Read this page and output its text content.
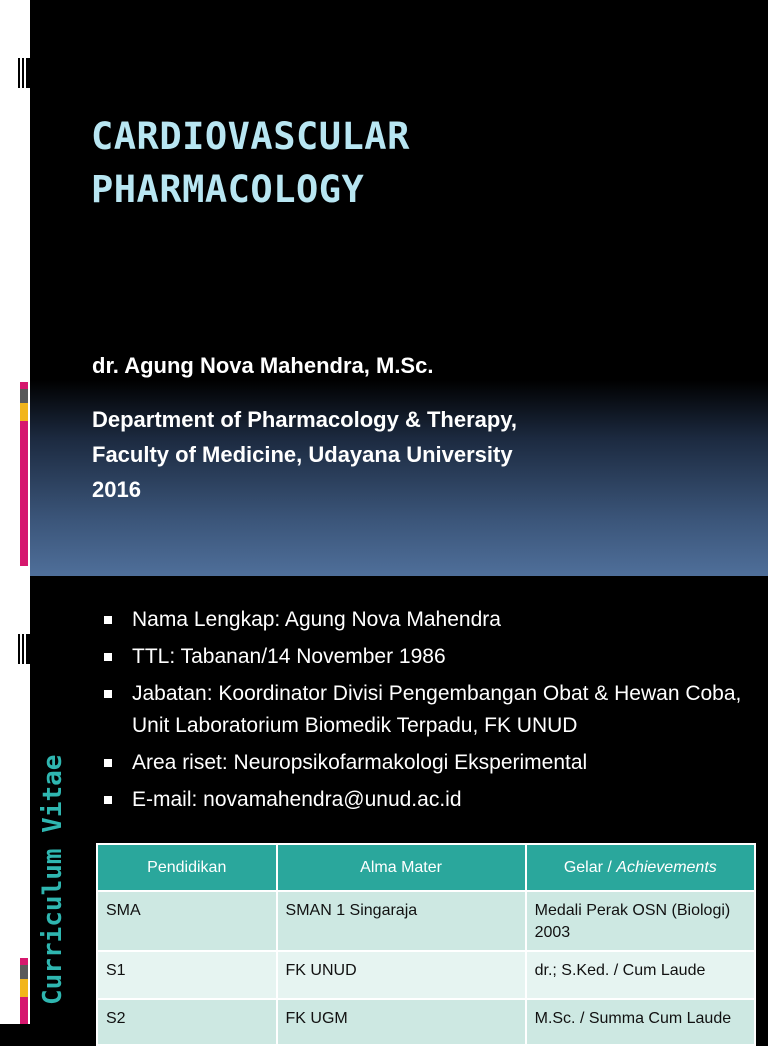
CARDIOVASCULAR
PHARMACOLOGY

dr. Agung Nova Mahendra, M.Sc.

Department of Pharmacology & Therapy,

Faculty of Medicine, Udayana University

2016

Curriculum Vitae
Nama Lengkap: Agung Nova Mahendra
TTL: Tabanan/14 November 1986
Jabatan: Koordinator Divisi Pengembangan Obat & Hewan Coba, Unit Laboratorium Biomedik Terpadu, FK UNUD
Area riset: Neuropsikofarmakologi Eksperimental
E-mail: novamahendra@unud.ac.id
Pendidikan	Alma Mater	Gelar / Achievements
SMA	SMAN 1 Singaraja	Medali Perak OSN (Biologi) 2003
S1	FK UNUD	dr.; S.Ked. / Cum Laude
S2	FK UGM	M.Sc. / Summa Cum Laude
